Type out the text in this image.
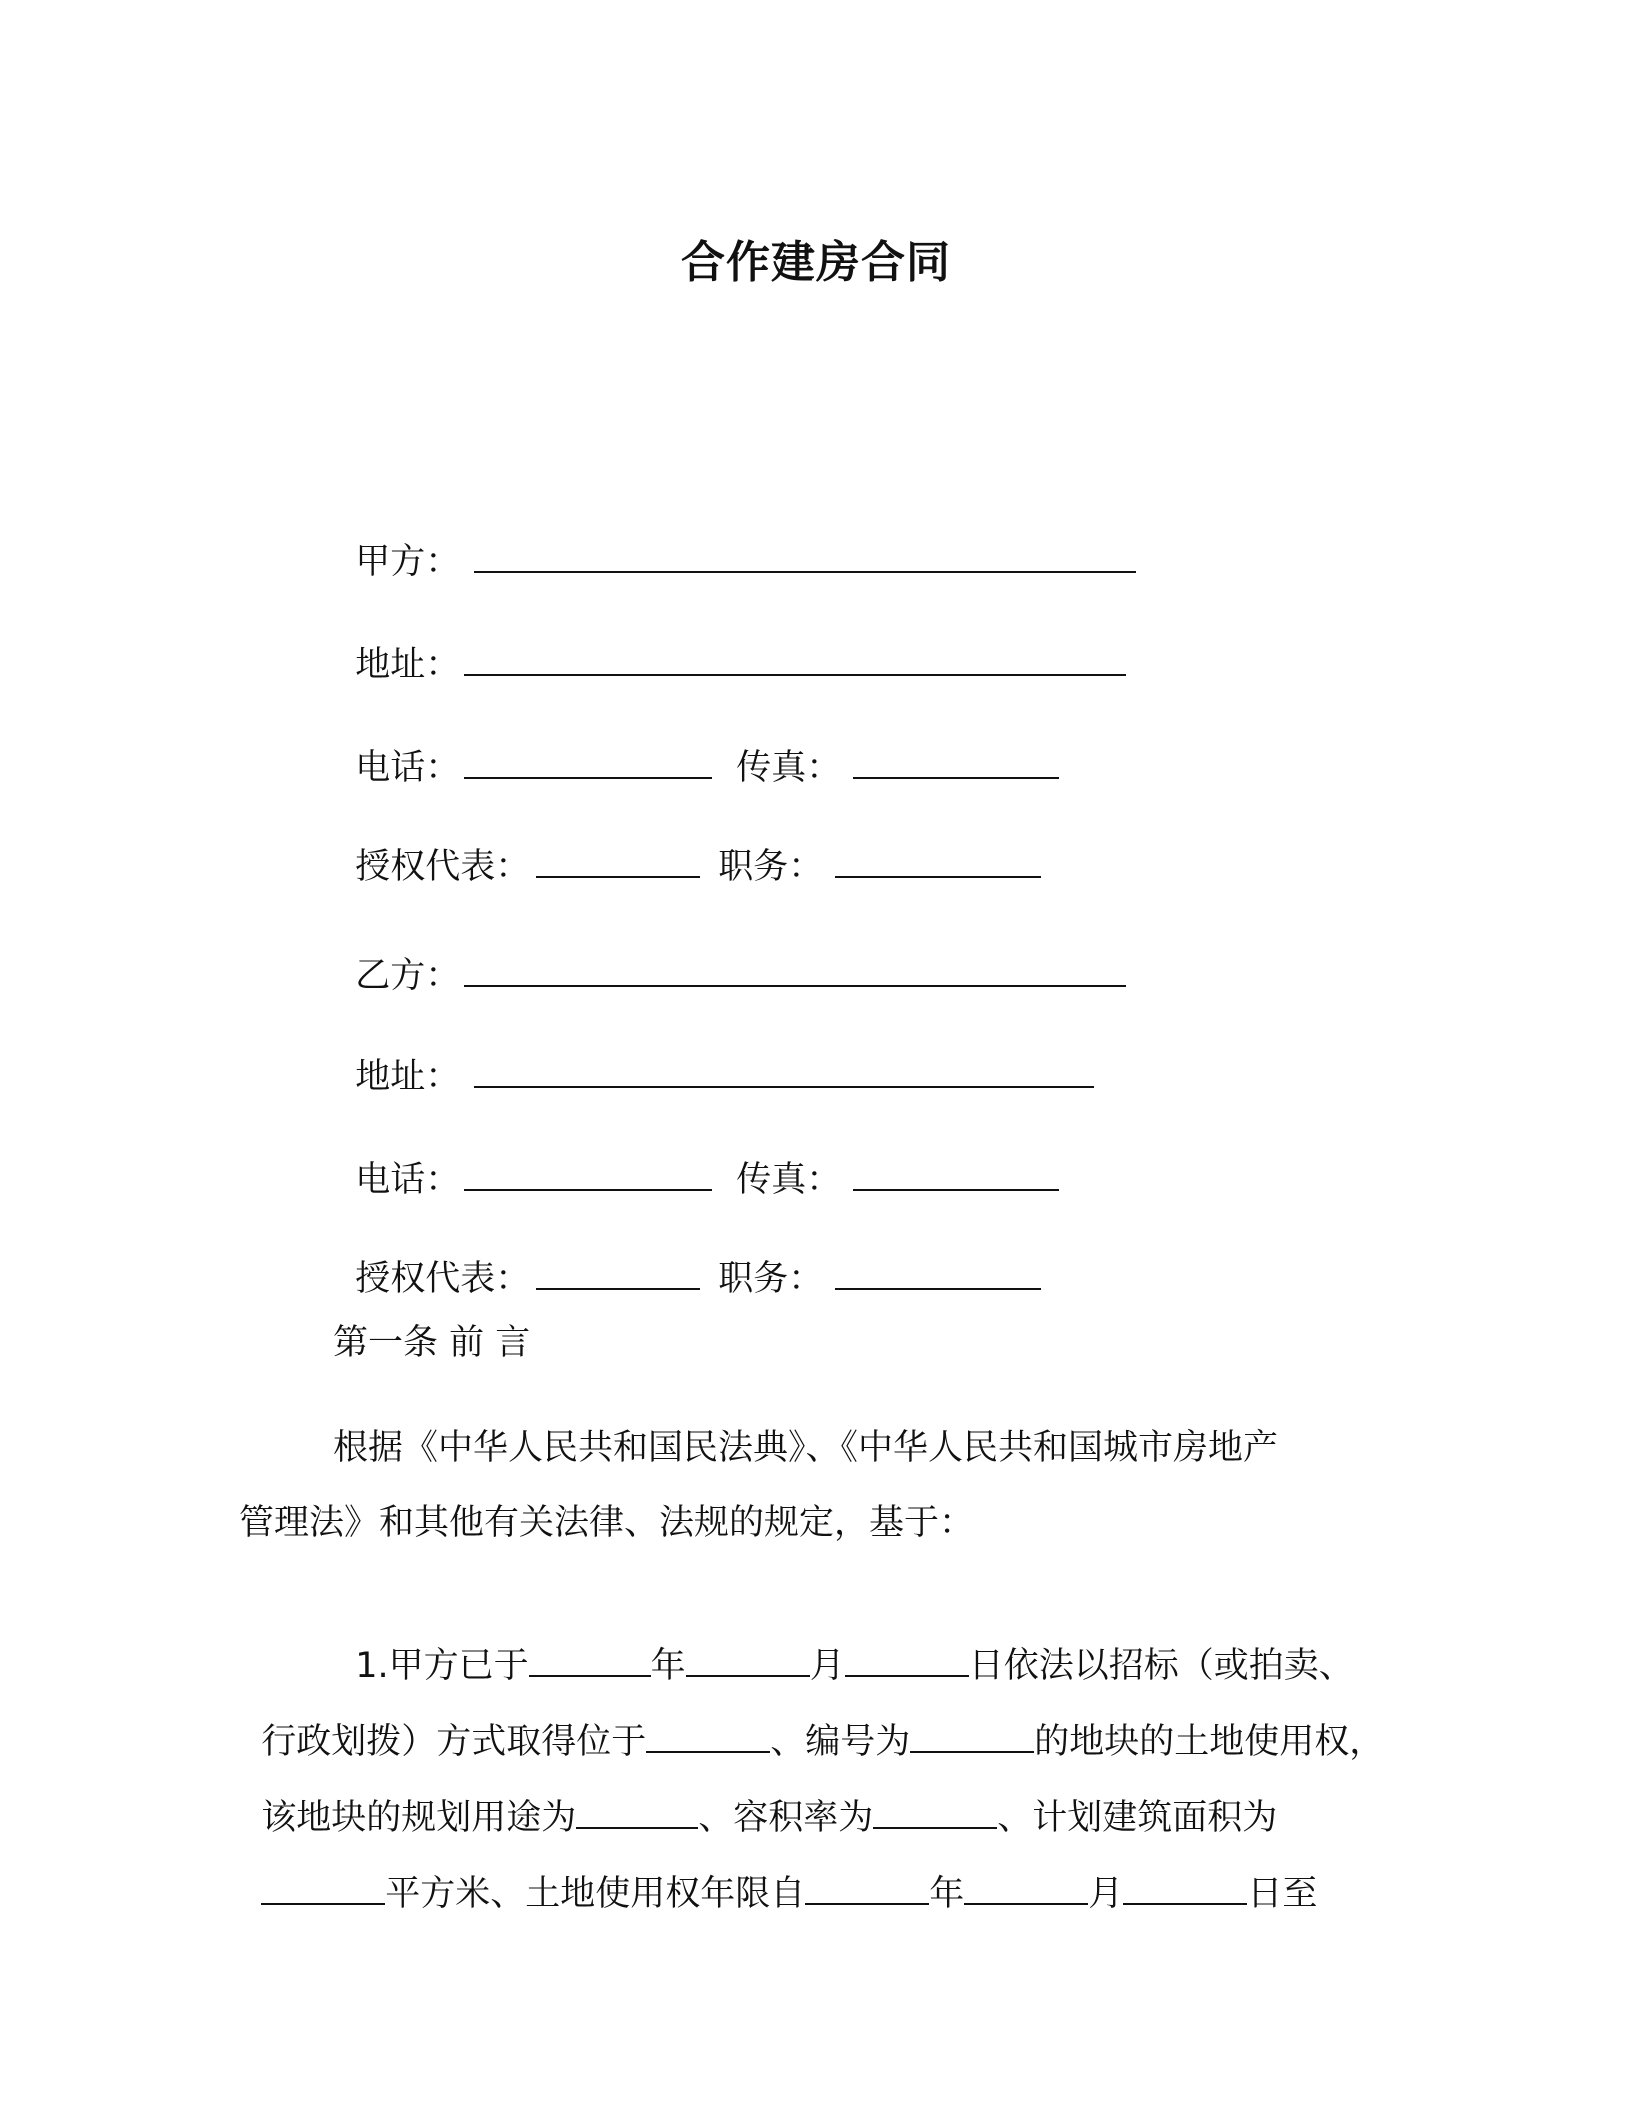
合作建房合同

甲方：

地址：

电话：	传真：

授权代表：	职务：

乙方：

地址：

电话：	传真：

授权代表：	职务：

第一条 前 言
根据《中华人民共和国民法典》、《中华人民共和国城市房地产
管理法》和其他有关法律、法规的规定，基于：

1.甲方已于	年	月	日依法以招标（或拍卖、

行政划拨）方式取得位于	、编号为	的地块的土地使用权，

该地块的规划用途为	、容积率为	、计划建筑面积为

平方米、土地使用权年限自	年	月	日至
